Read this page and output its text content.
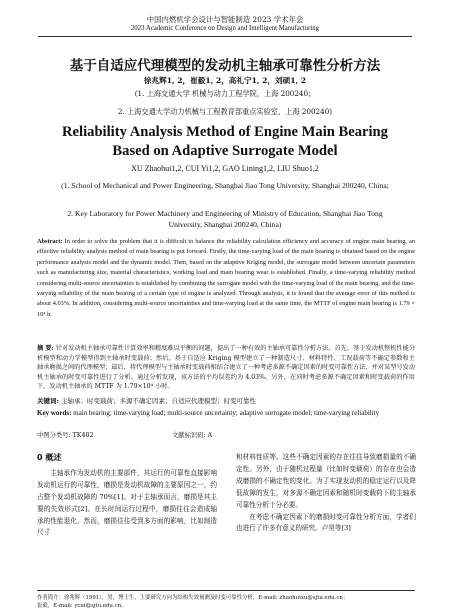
中国内燃机学会设计与智能制造 2023 学术年会
2023 Academic Conference on Design and Intelligent Manufacturing
基于自适应代理模型的发动机主轴承可靠性分析方法
徐兆辉1, 2，崔毅1, 2，高礼宁1, 2，刘硕1, 2
(1. 上海交通大学 机械与动力工程学院，上海 200240；
2. 上海交通大学动力机械与工程教育部重点实验室，上海 200240)
Reliability Analysis Method of Engine Main Bearing
Based on Adaptive Surrogate Model
XU Zhaohui1,2, CUI Yi1,2, GAO Lining1,2, LIU Shuo1,2
(1. School of Mechanical and Power Engineering, Shanghai Jiao Tong University, Shanghai 200240, China;
2. Key Laboratory for Power Machinery and Engineering of Ministry of Education, Shanghai Jiao Tong University, Shanghai 200240, China)
Abstract: In order to solve the problem that it is difficult to balance the reliability calculation efficiency and accuracy of engine main bearing, an effective reliability analysis method of main bearing is put forward. Firstly, the time-varying load of the main bearing is obtained based on the engine performance analysis model and the dynamic model. Then, based on the adaptive Kriging model, the surrogate model between uncertain parameters such as manufacturing size, material characteristics, working load and main bearing wear is established. Finally, a time-varying reliability method considering multi-source uncertainties is established by combining the surrogate model with the time-varying load of the main bearing, and the time-varying reliability of the main bearing of a certain type of engine is analyzed. Through analysis, it is found that the average error of this method is about 4.03%. In addition, considering multi-source uncertainties and time-varying load at the same time, the MTTF of engine main bearing is 1.79 × 10⁴ h.
摘 要: 针对发动机主轴承可靠性计算效率和精度难以平衡的问题，提出了一种有效的主轴承可靠性分析方法。首先，基于发动机整机性能分析模型和动力学模型得到主轴承时变载荷；然后，基于自适应 Kriging 模型建立了一种制造尺寸、材料特性、工况载荷等不确定参数和主轴承磨损之间的代理模型；最后，将代理模型与主轴承时变载荷相结合建立了一种考虑多源不确定因素的时变可靠性方法，并对某型号发动机主轴承的时变可靠性进行了分析。通过分析发现，该方法的平均误差约为 4.03%。另外，在同时考虑多源不确定因素和时变载荷的作用下，发动机主轴承的 MTTF 为 1.79×10⁴ 小时。
关键词: 主轴承；时变载荷；多源不确定因素；自适应代理模型；时变可靠性
Key words: main bearing; time-varying load; multi-source uncertainty; adaptive surrogate model; time-varying reliability
中图分类号: TK402	文献标识码: A
0 概述
主轴承作为发动机的主要部件，其运行的可靠性直接影响发动机运行的可靠性，磨损是发动机故障的主要原因之一，约占整个发动机故障的 70%[1]。对于主轴承而言，磨损是其主要的失效形式[2]。在长时间运行过程中，磨损往往会造成轴承的性能退化，然而，磨损往往受到多方面的影响，比如制造尺寸
和材料性质等。这些不确定因素的存在往往导致磨损量的不确定性。另外，由于随机过程量（比如时变载荷）的存在也会造成磨损的不确定性的变化。为了实现发动机的稳定运行以及降低故障的发生，对多源不确定因素和随机时变载荷下的主轴承可靠性分析十分必要。
在考虑不确定因素下的磨损时变可靠性分析方面，学者们也进行了许多有意义的研究。卢昊等[3]
作者简介：徐兆辉（1991），男，博士生，主要研究方向为结构失效预测及时变可靠性分析，E-mail: zhaohuixu@sjtu.edu.cn；
崔毅，E-mail: ycui@sjtu.edu.cn。
